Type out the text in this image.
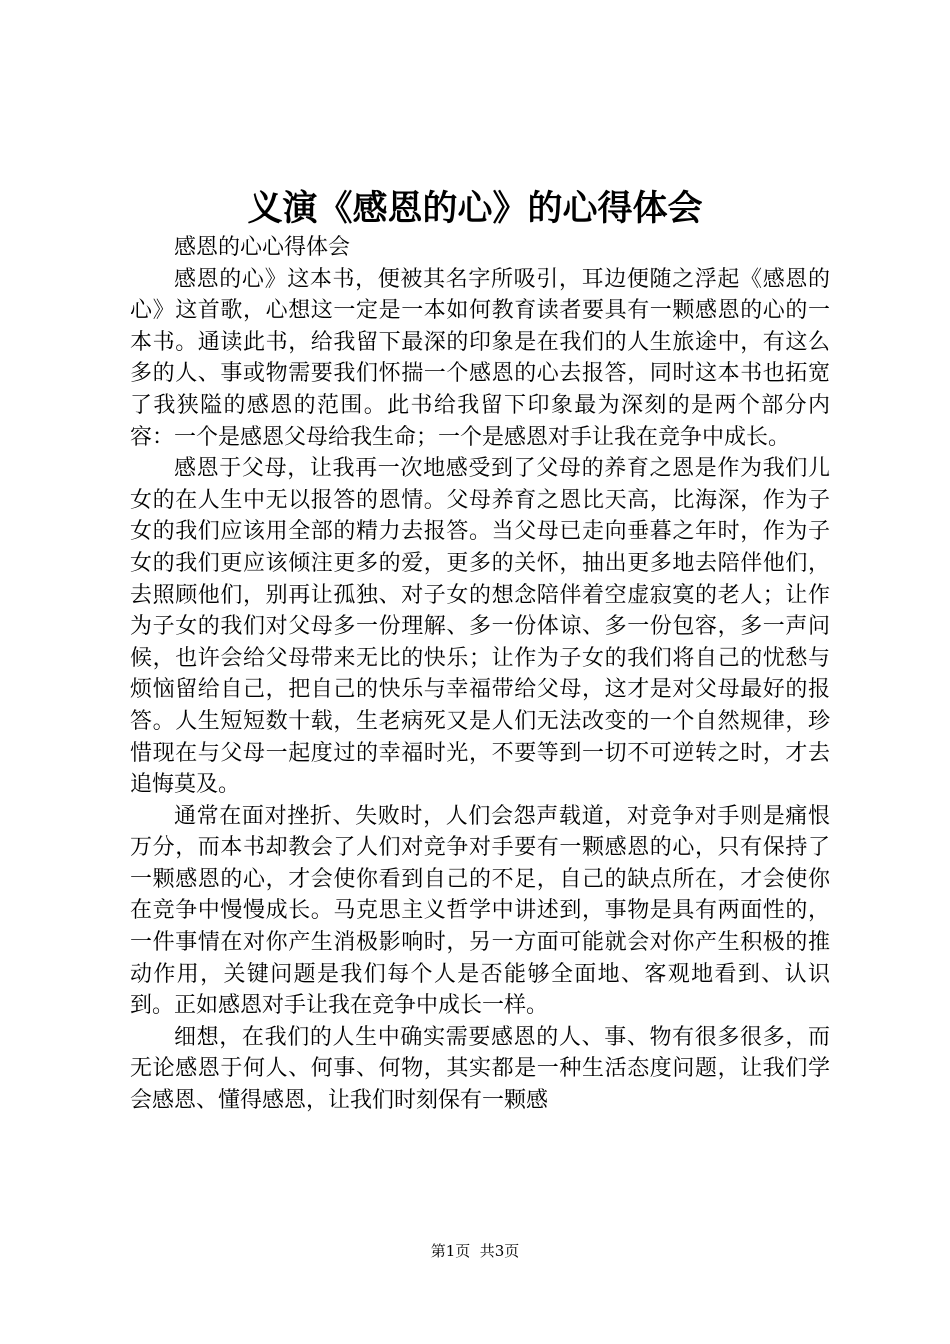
义演《感恩的心》的心得体会

感恩的心心得体会

感恩的心》这本书，便被其名字所吸引，耳边便随之浮起《感恩的心》这首歌，心想这一定是一本如何教育读者要具有一颗感恩的心的一本书。通读此书，给我留下最深的印象是在我们的人生旅途中，有这么多的人、事或物需要我们怀揣一个感恩的心去报答，同时这本书也拓宽了我狭隘的感恩的范围。此书给我留下印象最为深刻的是两个部分内容：一个是感恩父母给我生命；一个是感恩对手让我在竞争中成长。

感恩于父母，让我再一次地感受到了父母的养育之恩是作为我们儿女的在人生中无以报答的恩情。父母养育之恩比天高，比海深，作为子女的我们应该用全部的精力去报答。当父母已走向垂暮之年时，作为子女的我们更应该倾注更多的爱，更多的关怀，抽出更多地去陪伴他们，去照顾他们，别再让孤独、对子女的想念陪伴着空虚寂寞的老人；让作为子女的我们对父母多一份理解、多一份体谅、多一份包容，多一声问候，也许会给父母带来无比的快乐；让作为子女的我们将自己的忧愁与烦恼留给自己，把自己的快乐与幸福带给父母，这才是对父母最好的报答。人生短短数十载，生老病死又是人们无法改变的一个自然规律，珍惜现在与父母一起度过的幸福时光，不要等到一切不可逆转之时，才去追悔莫及。

通常在面对挫折、失败时，人们会怨声载道，对竞争对手则是痛恨万分，而本书却教会了人们对竞争对手要有一颗感恩的心，只有保持了一颗感恩的心，才会使你看到自己的不足，自己的缺点所在，才会使你在竞争中慢慢成长。马克思主义哲学中讲述到，事物是具有两面性的，一件事情在对你产生消极影响时，另一方面可能就会对你产生积极的推动作用，关键问题是我们每个人是否能够全面地、客观地看到、认识到。正如感恩对手让我在竞争中成长一样。

细想，在我们的人生中确实需要感恩的人、事、物有很多很多，而无论感恩于何人、何事、何物，其实都是一种生活态度问题，让我们学会感恩、懂得感恩，让我们时刻保有一颗感

第1页  共3页
